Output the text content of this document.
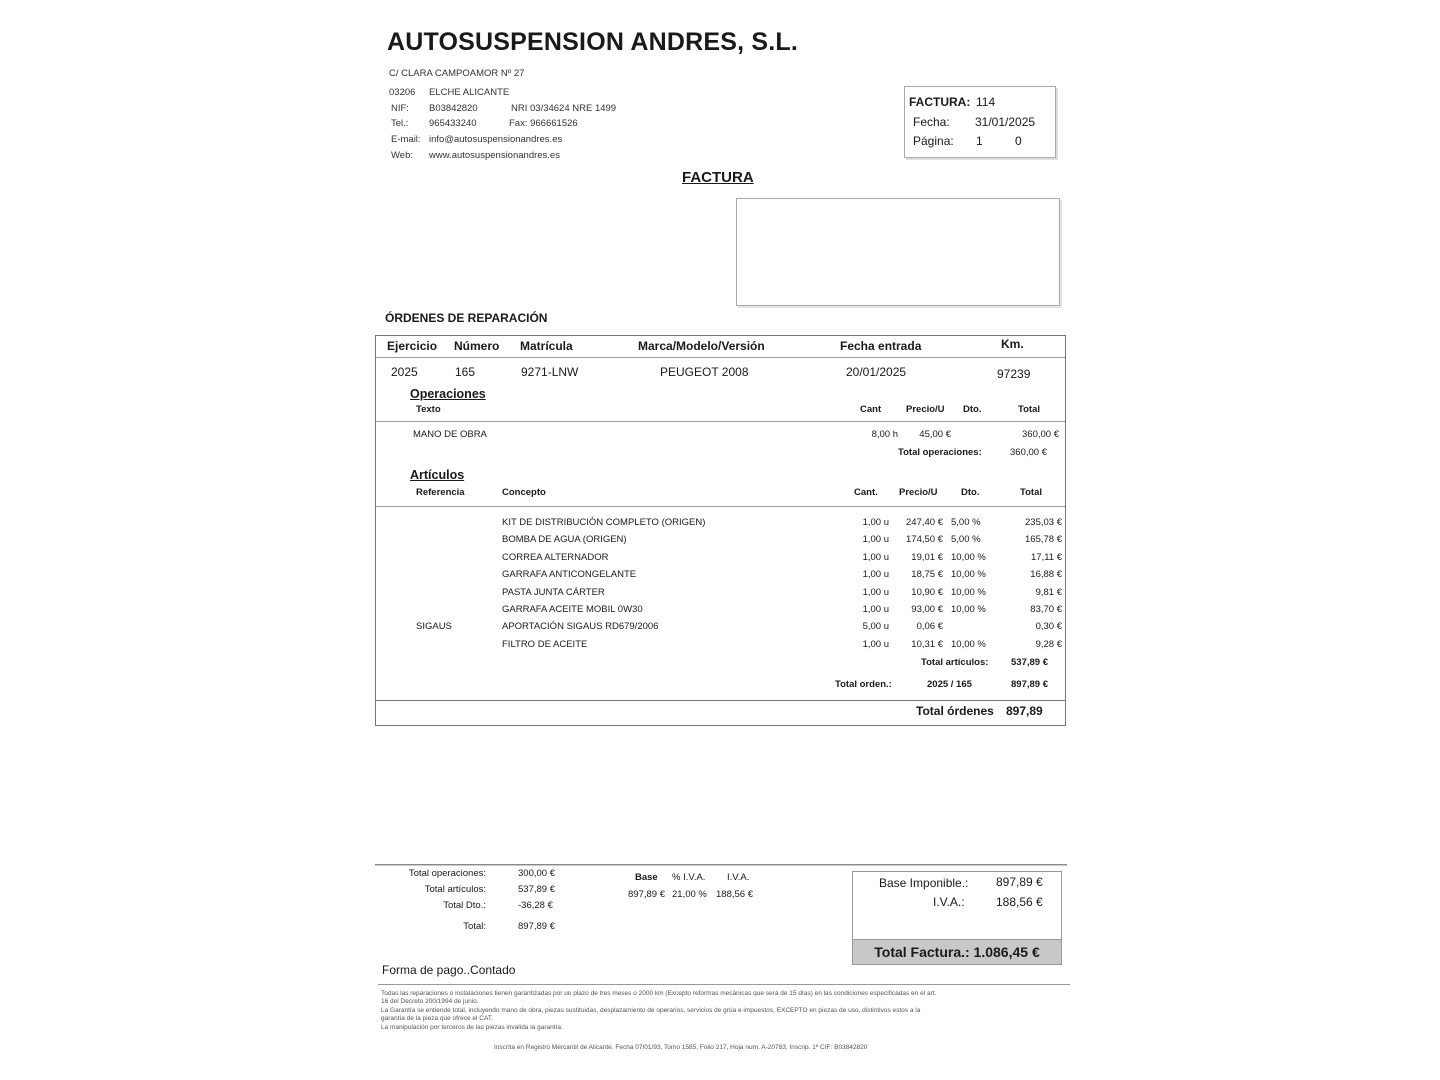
AUTOSUSPENSION ANDRES, S.L.
C/ CLARA CAMPOAMOR Nº 27
03206 ELCHE ALICANTE
NIF: B03842820	NRI 03/34624 NRE 1499
Tel.: 965433240	Fax: 966661526
E-mail: info@autosuspensionandres.es
Web: www.autosuspensionandres.es
FACTURA: 114
Fecha: 31/01/2025
Página: 1	0
FACTURA
ÓRDENES DE REPARACIÓN
Ejercicio Número Matrícula	Marca/Modelo/Versión	Fecha entrada	Km.
2025	165	9271-LNW	PEUGEOT 2008	20/01/2025	97239
Operaciones
Texto	Cant	Precio/U Dto.	Total
MANO DE OBRA	8,00 h	45,00 €	360,00 €
Total operaciones:	360,00 €
Artículos
Referencia	Concepto	Cant. Precio/U Dto.	Total
KIT DE DISTRIBUCIÓN COMPLETO (ORIGEN)	1,00 u	247,40 € 5,00 %	235,03 €
BOMBA DE AGUA (ORIGEN)	1,00 u	174,50 € 5,00 %	165,78 €
CORREA ALTERNADOR	1,00 u	19,01 € 10,00 %	17,11 €
GARRAFA ANTICONGELANTE	1,00 u	18,75 € 10,00 %	16,88 €
PASTA JUNTA CÁRTER	1,00 u	10,90 € 10,00 %	9,81 €
GARRAFA ACEITE MOBIL 0W30	1,00 u	93,00 € 10,00 %	83,70 €
SIGAUS	APORTACIÓN SIGAUS RD679/2006	5,00 u	0,06 €	0,30 €
FILTRO DE ACEITE	1,00 u	10,31 € 10,00 %	9,28 €
Total artículos:	537,89 €
Total orden.:	2025 / 165	897,89 €
Total órdenes 897,89
Total operaciones:	300,00 €
Total artículos:	537,89 €
Total Dto.:	-36,28 €
Total:	897,89 €
Base % I.V.A. I.V.A.
897,89 € 21,00 % 188,56 €
Base Imponible.: 897,89 €
I.V.A.:	188,56 €
Total Factura.: 1.086,45 €
Forma de pago..Contado
Todas las reparaciones o instalaciones tienen garantizadas por un plazo de tres meses o 2000 km (Excepto reformas mecánicas que será de 15 días) en las condiciones especificadas en el art.
16 del Decreto 200/1994 de junio.
La Garantía se entiende total, incluyendo mano de obra, piezas sustituidas, desplazamiento de operarios, servicios de grúa e impuestos, EXCEPTO en piezas de uso, distintivos estos a la
garantía de la pieza que ofrece el CAT.
La manipulación por terceros de las piezas invalida la garantía.
Inscrita en Registro Mercantil de Alicante. Fecha 07/01/93, Tomo 1585, Folio 217, Hoja num. A-20783, Inscrip. 1ª CIF: B03842820
